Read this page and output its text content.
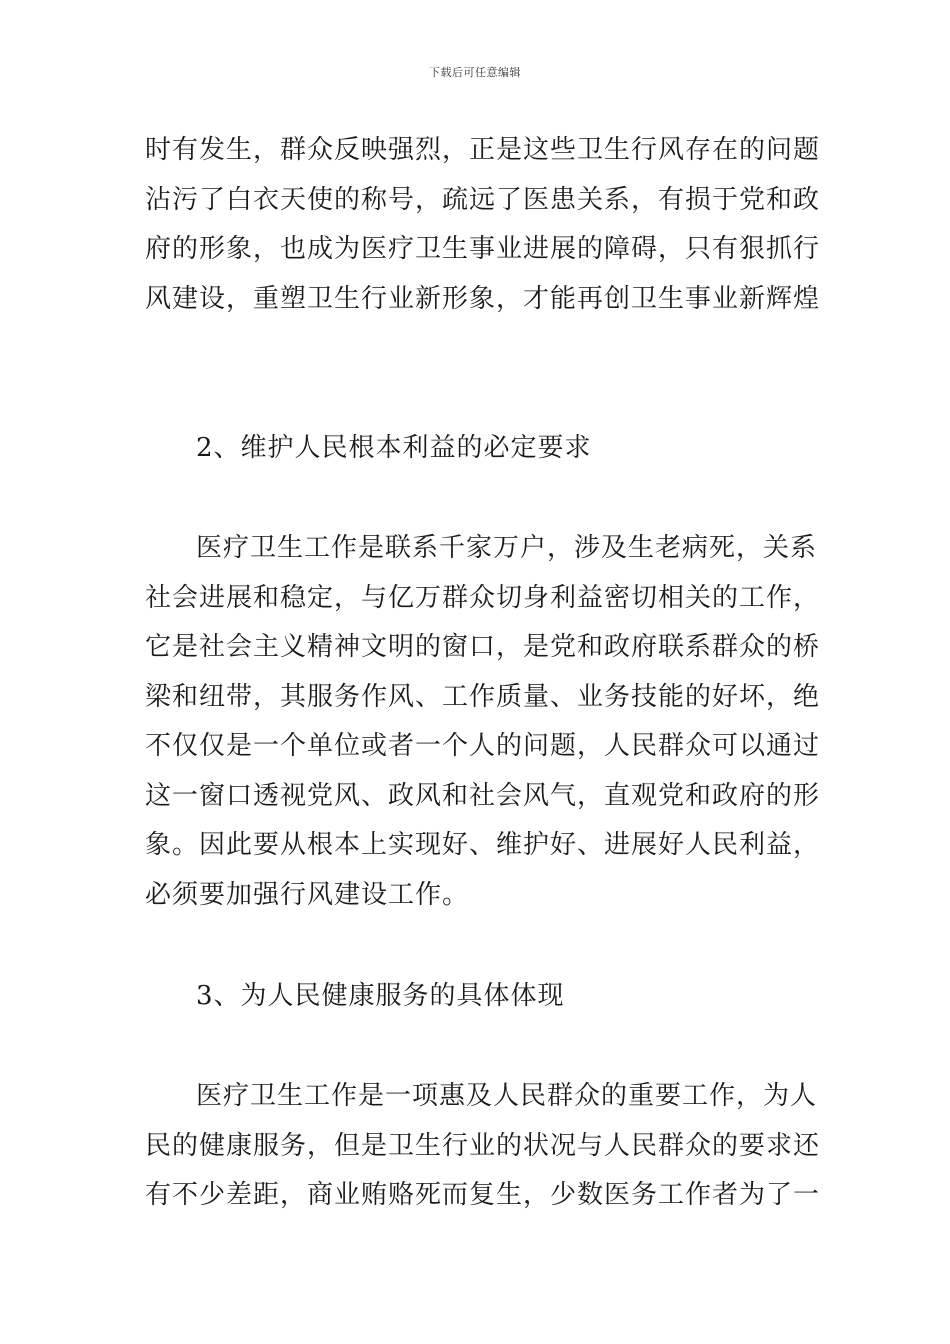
下载后可任意编辑
时有发生，群众反映强烈，正是这些卫生行风存在的问题
沾污了白衣天使的称号，疏远了医患关系，有损于党和政
府的形象，也成为医疗卫生事业进展的障碍，只有狠抓行
风建设，重塑卫生行业新形象，才能再创卫生事业新辉煌
2、维护人民根本利益的必定要求
医疗卫生工作是联系千家万户，涉及生老病死，关系
社会进展和稳定，与亿万群众切身利益密切相关的工作，
它是社会主义精神文明的窗口，是党和政府联系群众的桥
梁和纽带，其服务作风、工作质量、业务技能的好坏，绝
不仅仅是一个单位或者一个人的问题，人民群众可以通过
这一窗口透视党风、政风和社会风气，直观党和政府的形
象。因此要从根本上实现好、维护好、进展好人民利益，
必须要加强行风建设工作。
3、为人民健康服务的具体体现
医疗卫生工作是一项惠及人民群众的重要工作，为人
民的健康服务，但是卫生行业的状况与人民群众的要求还
有不少差距，商业贿赂死而复生，少数医务工作者为了一
